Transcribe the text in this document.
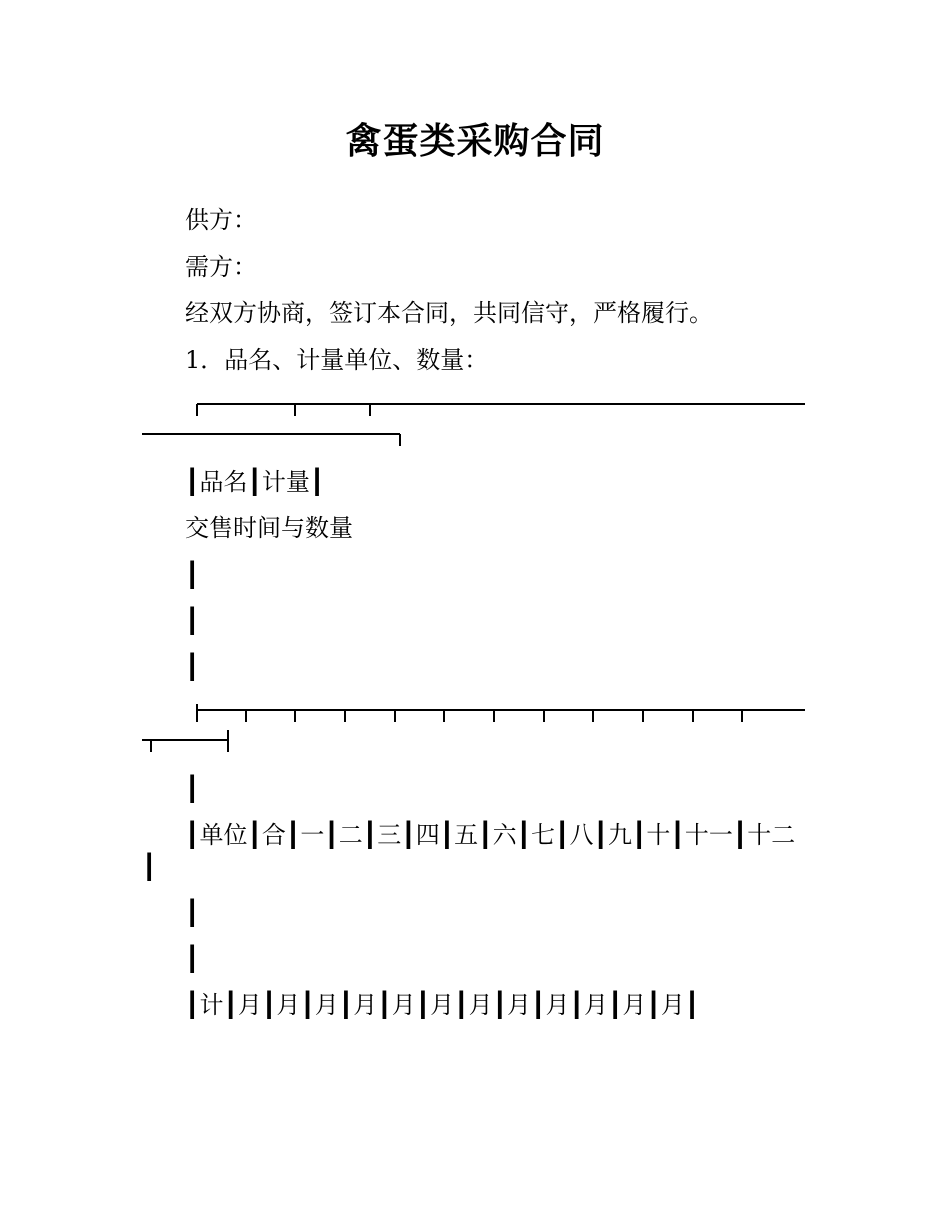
禽蛋类采购合同
供方：
需方：
经双方协商，签订本合同，共同信守，严格履行。
1．品名、计量单位、数量：
┃品名┃计量┃
交售时间与数量
┃
┃
┃
┃
┃单位┃合┃一┃二┃三┃四┃五┃六┃七┃八┃九┃十┃十一┃十二┃
┃
┃
┃计┃月┃月┃月┃月┃月┃月┃月┃月┃月┃月┃月┃月┃
